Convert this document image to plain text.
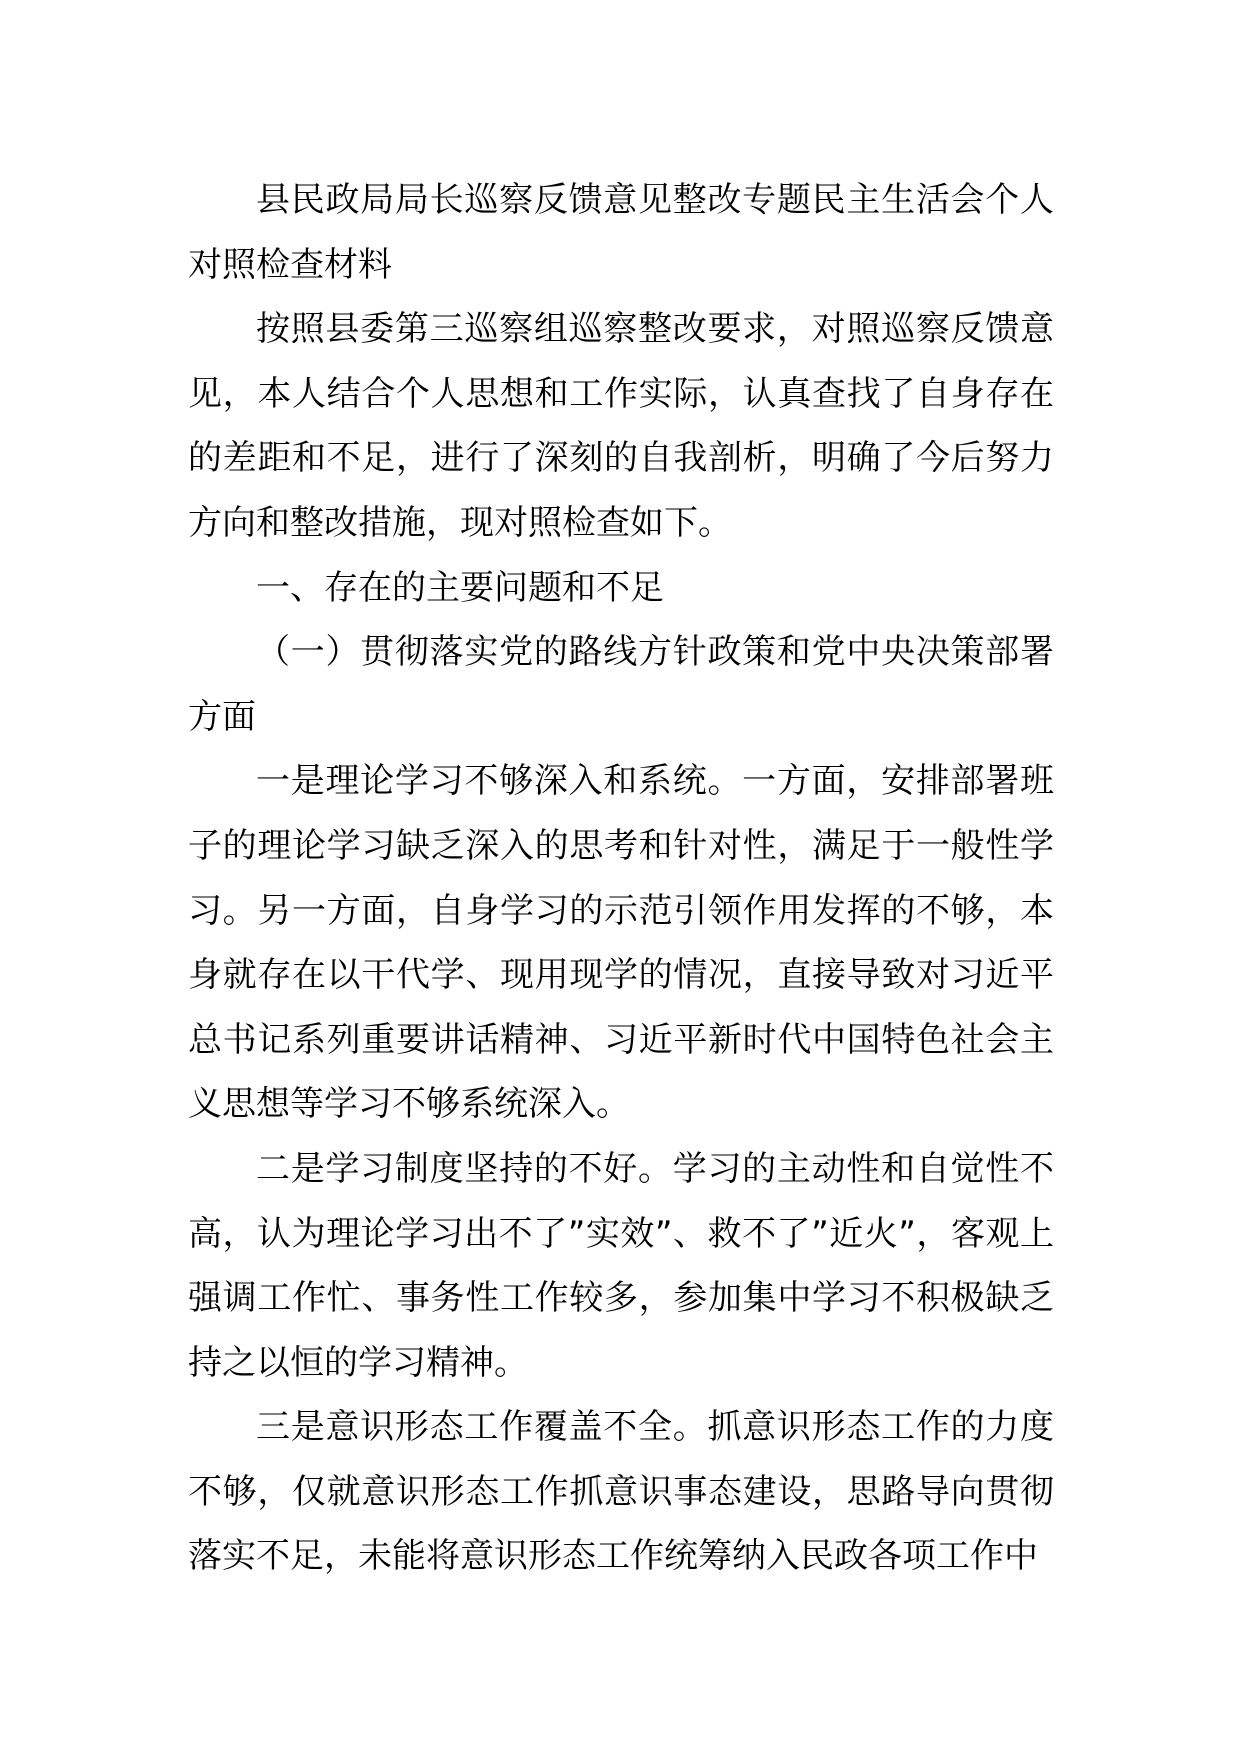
县民政局局长巡察反馈意见整改专题民主生活会个人对照检查材料

按照县委第三巡察组巡察整改要求，对照巡察反馈意见，本人结合个人思想和工作实际，认真查找了自身存在的差距和不足，进行了深刻的自我剖析，明确了今后努力方向和整改措施，现对照检查如下。

一、存在的主要问题和不足

（一）贯彻落实党的路线方针政策和党中央决策部署方面

一是理论学习不够深入和系统。一方面，安排部署班子的理论学习缺乏深入的思考和针对性，满足于一般性学习。另一方面，自身学习的示范引领作用发挥的不够，本身就存在以干代学、现用现学的情况，直接导致对习近平总书记系列重要讲话精神、习近平新时代中国特色社会主义思想等学习不够系统深入。

二是学习制度坚持的不好。学习的主动性和自觉性不高，认为理论学习出不了”实效”、救不了”近火”，客观上强调工作忙、事务性工作较多，参加集中学习不积极缺乏持之以恒的学习精神。

三是意识形态工作覆盖不全。抓意识形态工作的力度不够，仅就意识形态工作抓意识事态建设，思路导向贯彻落实不足，未能将意识形态工作统筹纳入民政各项工作中
